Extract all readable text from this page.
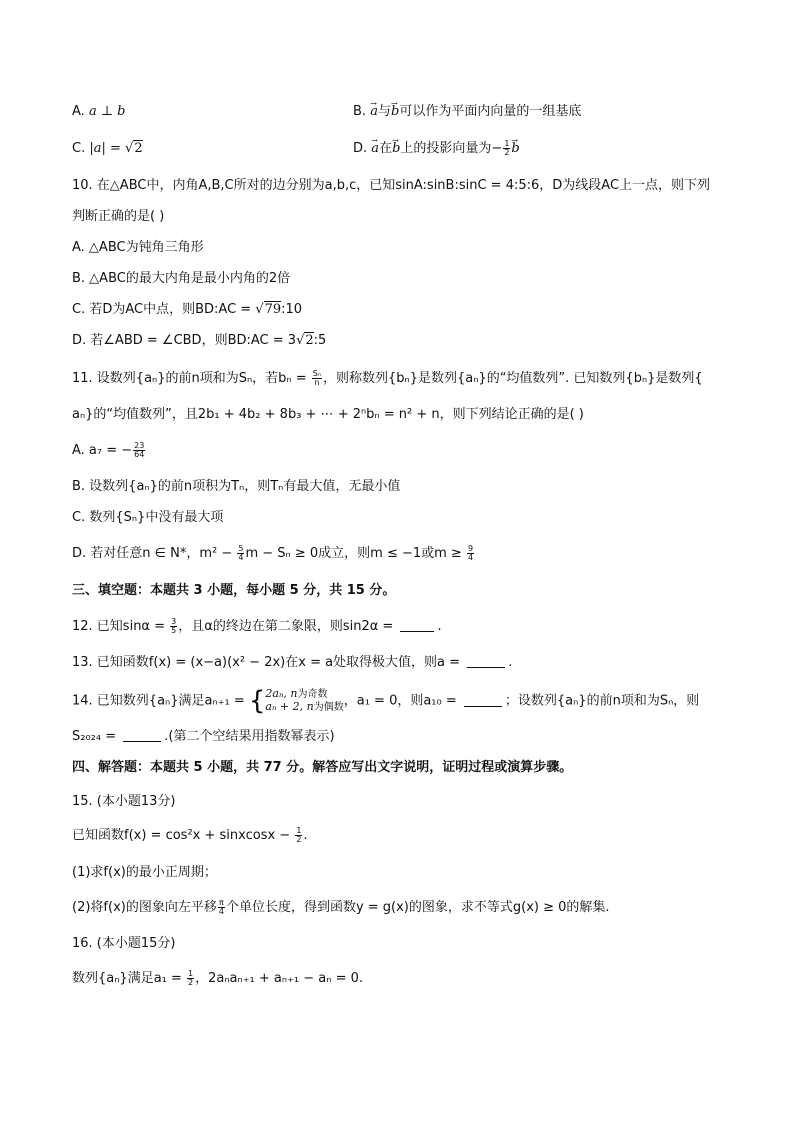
A. a ⊥ b	B. → a与→ b可以作为平面内向量的一组基底
C. |a| = √2	D. → a在→ b上的投影向量为− $\frac{1}{2}$
→ b
10. 在△ABC中，内角A,B,C所对的边分别为a,b,c，已知sinA:sinB:sinC = 4:5:6，D为线段AC上一点，则下列
判断正确的是( )
A. △ABC为钝角三角形
B. △ABC的最大内角是最小内角的2倍
C. 若D为AC中点，则BD:AC = √79:10
D. 若∠ABD = ∠CBD，则BD:AC = 3√2:5
11. 设数列{aₙ}的前n项和为Sₙ，若$b_n = \frac{\text{Sₙ}}{n}$ ，则称数列{bₙ}是数列{aₙ}的“均值数列”. 已知数列{bₙ}是数列{
aₙ}的“均值数列”，且2b₁ + 4b₂ + 8b₃ + ⋯ + 2ⁿbₙ = n² + n，则下列结论正确的是( )
A. a₇ = − $\frac{23}{64}$
B. 设数列{aₙ}的前n项积为Tₙ，则Tₙ有最大值，无最小值
C. 数列{Sₙ}中没有最大项
D. 若对任意n ∈ N*，$m^2 - \frac{5}{4}$ m − Sₙ ≥ 0成立，则m ≤ −1或$m \ge \frac{9}{4}$
三、填空题：本题共 3 小题，每小题 5 分，共 15 分。
12. 已知$\sin\alpha = \frac{3}{5}$ ，且α的终边在第二象限，则sin2α =	.
13. 已知函数f(x) = (x−a)(x² − 2x)在x = a处取得极大值，则a =	.
14. 已知数列{aₙ}满足aₙ₊₁ = {2aₙ, n为奇数
aₙ + 2, n为偶数，a₁ = 0，则a₁₀ =	；设数列{aₙ}的前n项和为Sₙ，则
S₂₀₂₄ =	.(第二个空结果用指数幂表示)
四、解答题：本题共 5 小题，共 77 分。解答应写出文字说明，证明过程或演算步骤。
15. (本小题13分)
已知函数f(x) = cos²x + sinxcosx − $\frac{1}{2}$ .
(1)求f(x)的最小正周期；
(2)将f(x)的图象向左平移 $\frac{\pi}{4}$ 个单位长度，得到函数y = g(x)的图象，求不等式g(x) ≥ 0的解集.
16. (本小题15分)
数列{aₙ}满足$a_1 = \frac{1}{2}$ ，2aₙaₙ₊₁ + aₙ₊₁ − aₙ = 0.
